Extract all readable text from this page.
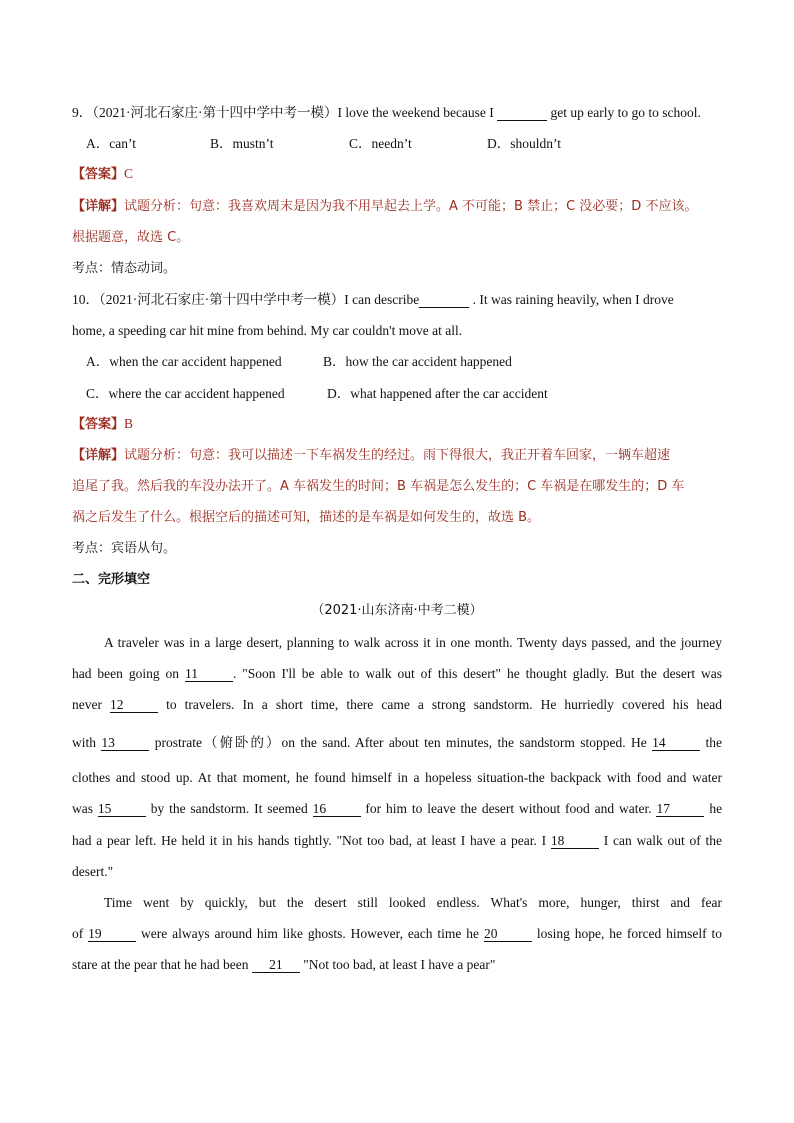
9．（2021·河北石家庄·第十四中学中考一模）I love the weekend because I	get up early to go to school.
A．can’t	B．mustn’t	C．needn’t	D．shouldn’t
【答案】C
【详解】试题分析：句意：我喜欢周末是因为我不用早起去上学。A 不可能；B 禁止；C 没必要；D 不应该。
根据题意，故选 C。
考点：情态动词。
10．（2021·河北石家庄·第十四中学中考一模）I can describe	. It was raining heavily, when I drove
home, a speeding car hit mine from behind. My car couldn't move at all.
A．when the car accident happened	B．how the car accident happened
C．where the car accident happened	D．what happened after the car accident
【答案】B
【详解】试题分析：句意：我可以描述一下车祸发生的经过。雨下得很大，我正开着车回家，一辆车超速
追尾了我。然后我的车没办法开了。A 车祸发生的时间；B 车祸是怎么发生的；C 车祸是在哪发生的；D 车
祸之后发生了什么。根据空后的描述可知，描述的是车祸是如何发生的，故选 B。
考点：宾语从句。
二、完形填空
（2021·山东济南·中考二模）
A traveler was in a large desert, planning to walk across it in one month. Twenty days passed, and the journey
had been going on 11	. "Soon I'll be able to walk out of this desert" he thought gladly. But the desert was
never 12	to travelers. In a short time, there came a strong sandstorm. He hurriedly covered his head
with 13	prostrate（俯卧的）on the sand. After about ten minutes, the sandstorm stopped. He 14	the
clothes and stood up. At that moment, he found himself in a hopeless situation-the backpack with food and water
was 15	by the sandstorm. It seemed 16	for him to leave the desert without food and water. 17	he
had a pear left. He held it in his hands tightly. "Not too bad, at least I have a pear. I 18	I can walk out of the
desert."
Time went by quickly, but the desert still looked endless. What's more, hunger, thirst and fear
of 19	were always around him like ghosts. However, each time he 20	losing hope, he forced himself to
stare at the pear that he had been 21 "Not too bad, at least I have a pear"
